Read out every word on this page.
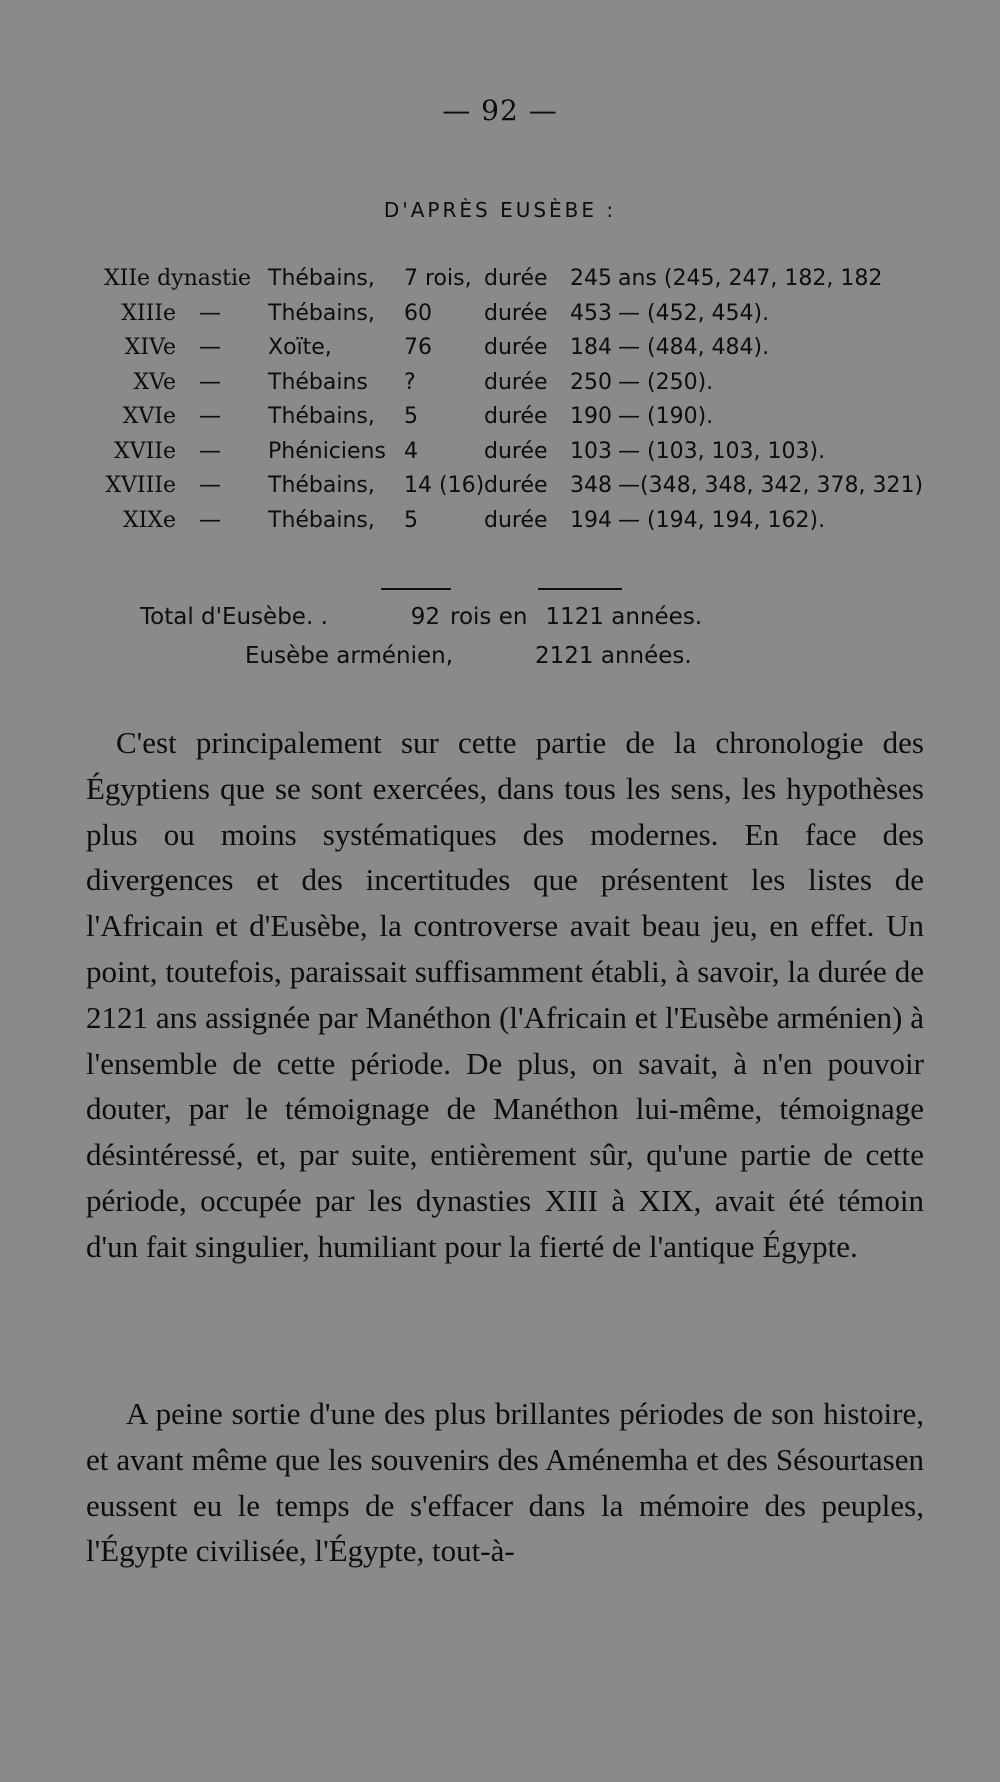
— 92 —
D'APRÈS EUSÈBE :
XIIe dynastie Thébains, 7 rois, durée 245 ans (245, 247, 182, 182
XIIIe	—	Thébains, 60 durée 453 — (452, 454).
XIVe	—	Xoïte,	76 durée 184 — (484, 484).
XVe	—	Thébains ?	durée 250 — (250).
XVIe	—	Thébains, 5	durée 190 — (190).
XVIIe	—	Phéniciens 4	durée 103 — (103, 103, 103).
XVIIIe	—	Thébains, 14 (16) durée 348 —(348, 348, 342, 378, 321)
XIXe	—	Thébains, 5	durée 194 — (194, 194, 162).
Total d'Eusèbe. .	92 rois en 1121 années.
Eusèbe arménien,	2121 années.

C'est principalement sur cette partie de la chronologie des Égyptiens que se sont exercées, dans tous les sens, les hypothèses plus ou moins systématiques des modernes. En face des divergences et des incertitudes que présentent les listes de l'Africain et d'Eusèbe, la controverse avait beau jeu, en effet. Un point, toutefois, paraissait suffisamment établi, à savoir, la durée de 2121 ans assignée par Manéthon (l'Africain et l'Eusèbe arménien) à l'ensemble de cette période. De plus, on savait, à n'en pouvoir douter, par le témoignage de Manéthon lui-même, témoignage désintéressé, et, par suite, entièrement sûr, qu'une partie de cette période, occupée par les dynasties XIII à XIX, avait été témoin d'un fait singulier, humiliant pour la fierté de l'antique Égypte.

A peine sortie d'une des plus brillantes périodes de son histoire, et avant même que les souvenirs des Aménemha et des Sésourtasen eussent eu le temps de s'effacer dans la mémoire des peuples, l'Égypte civilisée, l'Égypte, tout-à-
